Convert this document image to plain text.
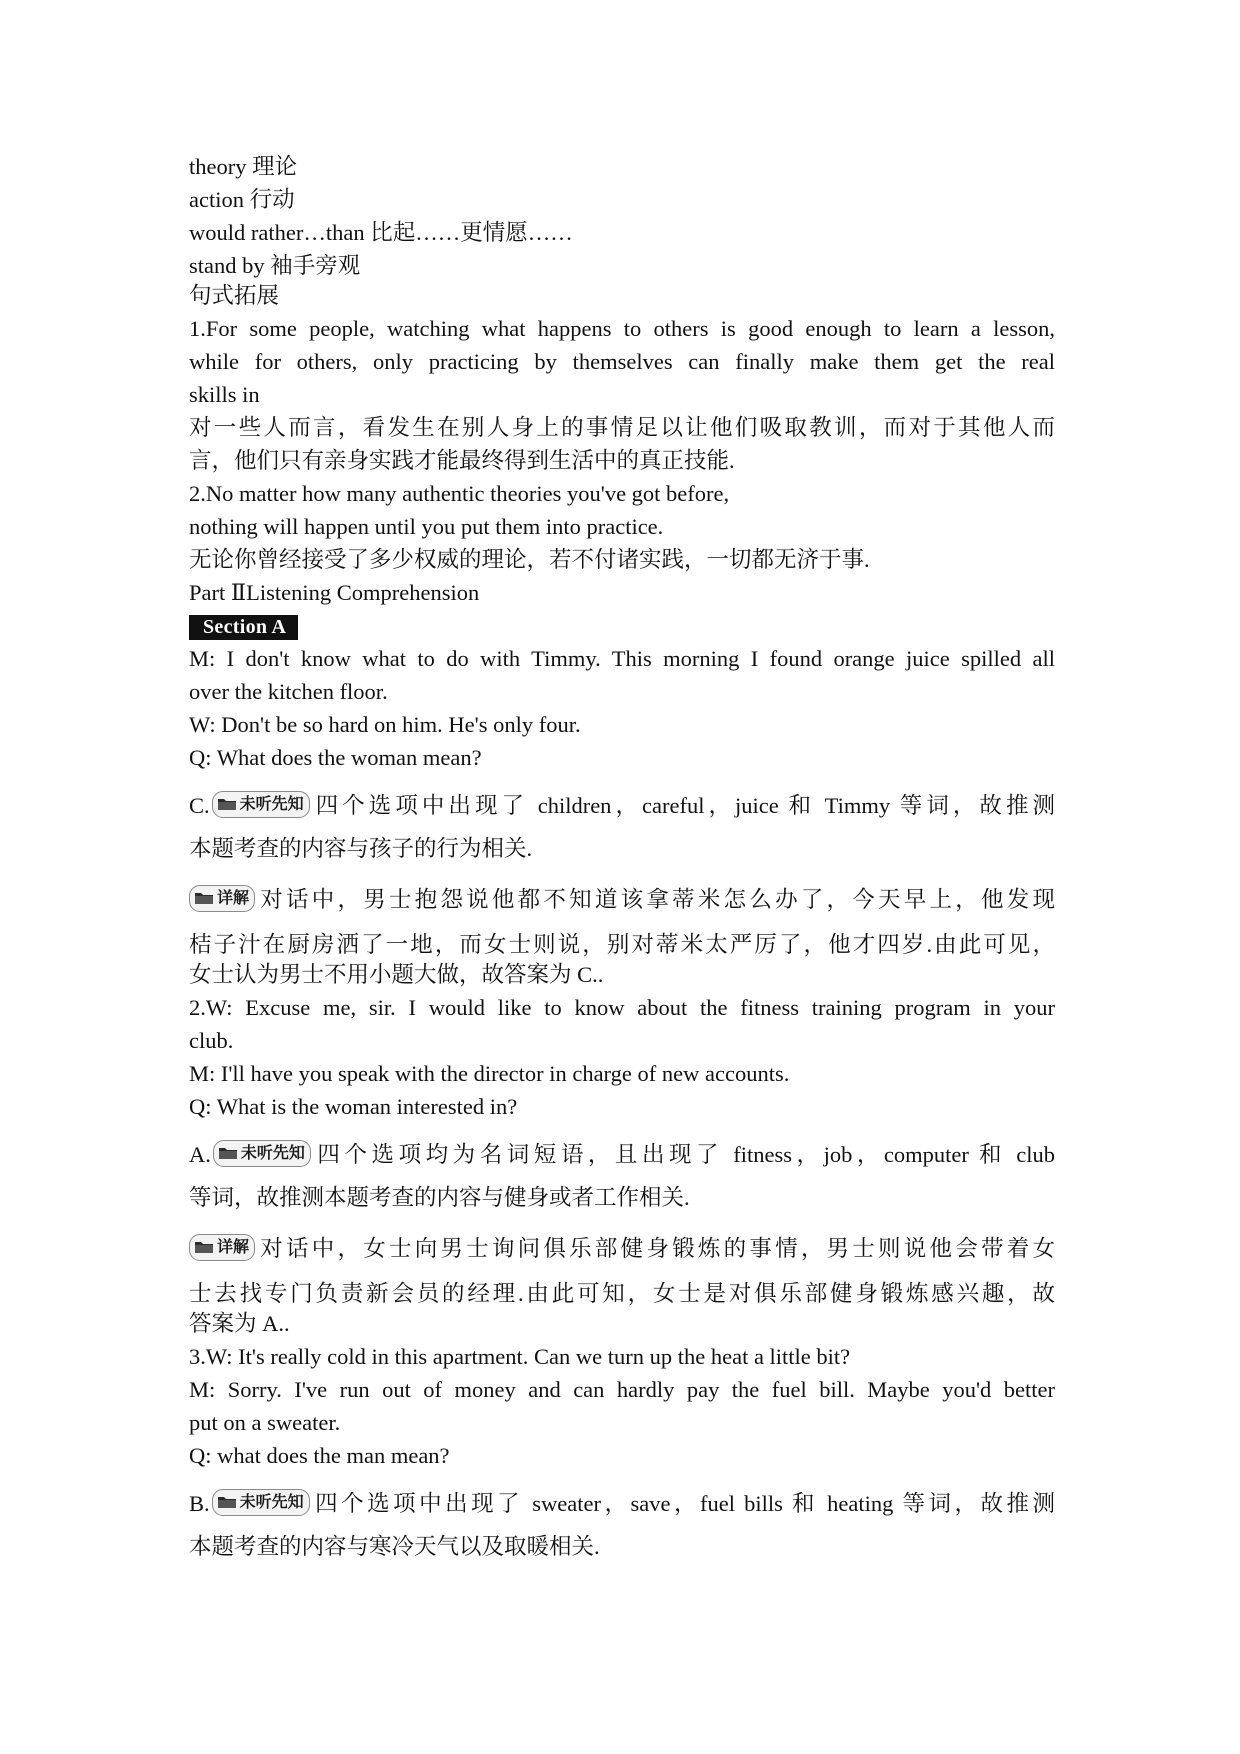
theory 理论
action 行动
would rather…than 比起……更情愿……
stand by 袖手旁观
句式拓展
1.For some people, watching what happens to others is good enough to learn a lesson,
while for others, only practicing by themselves can finally make them get the real
skills in
对一些人而言，看发生在别人身上的事情足以让他们吸取教训，而对于其他人而
言，他们只有亲身实践才能最终得到生活中的真正技能.
2.No matter how many authentic theories you've got before,
nothing will happen until you put them into practice.
无论你曾经接受了多少权威的理论，若不付诸实践，一切都无济于事.
Part ⅡListening Comprehension
Section A
M: I don't know what to do with Timmy. This morning I found orange juice spilled all
over the kitchen floor.
W: Don't be so hard on him. He's only four.
Q: What does the woman mean?
C. 未听先知 四个选项中出现了 children，careful，juice 和 Timmy 等词，故推测
本题考查的内容与孩子的行为相关.
详解 对话中，男士抱怨说他都不知道该拿蒂米怎么办了，今天早上，他发现
桔子汁在厨房洒了一地，而女士则说，别对蒂米太严厉了，他才四岁.由此可见，
女士认为男士不用小题大做，故答案为 C..
2.W: Excuse me, sir. I would like to know about the fitness training program in your
club.
M: I'll have you speak with the director in charge of new accounts.
Q: What is the woman interested in?
A. 未听先知 四个选项均为名词短语，且出现了 fitness，job，computer 和 club
等词，故推测本题考查的内容与健身或者工作相关.
详解 对话中，女士向男士询问俱乐部健身锻炼的事情，男士则说他会带着女
士去找专门负责新会员的经理.由此可知，女士是对俱乐部健身锻炼感兴趣，故
答案为 A..
3.W: It's really cold in this apartment. Can we turn up the heat a little bit?
M: Sorry. I've run out of money and can hardly pay the fuel bill. Maybe you'd better
put on a sweater.
Q: what does the man mean?
B. 未听先知 四个选项中出现了 sweater，save，fuel bills 和 heating 等词，故推测
本题考查的内容与寒冷天气以及取暖相关.
